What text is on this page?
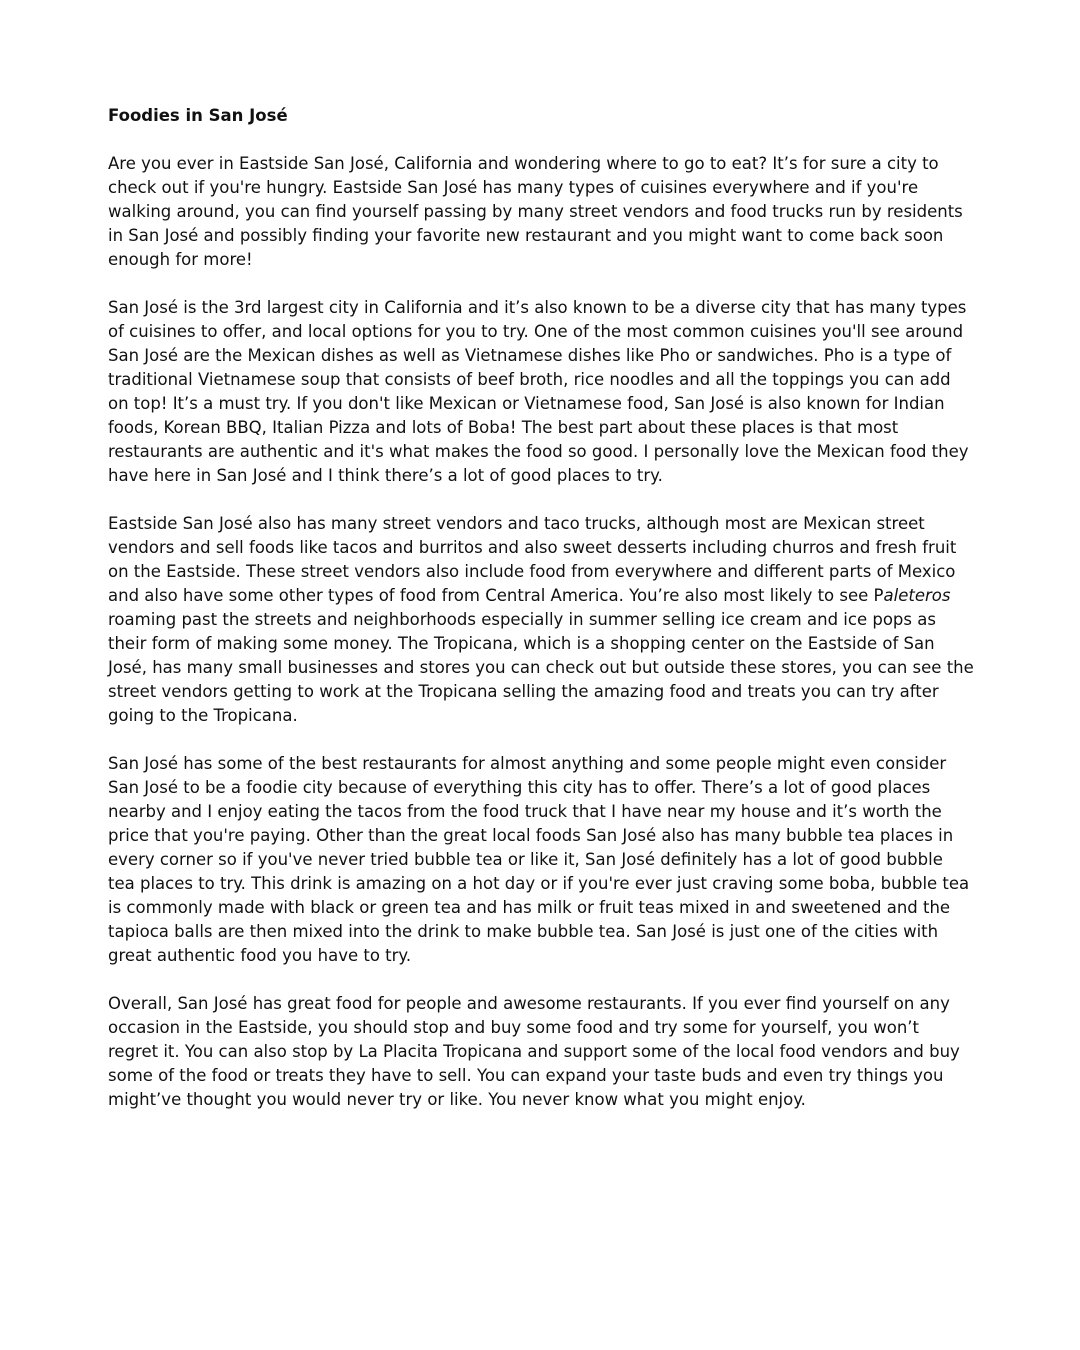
Foodies in San José

Are you ever in Eastside San José, California and wondering where to go to eat? It’s for sure a city to check out if you're hungry. Eastside San José has many types of cuisines everywhere and if you're walking around, you can find yourself passing by many street vendors and food trucks run by residents in San José and possibly finding your favorite new restaurant and you might want to come back soon enough for more!

San José is the 3rd largest city in California and it’s also known to be a diverse city that has many types of cuisines to offer, and local options for you to try. One of the most common cuisines you'll see around San José are the Mexican dishes as well as Vietnamese dishes like Pho or sandwiches. Pho is a type of traditional Vietnamese soup that consists of beef broth, rice noodles and all the toppings you can add on top! It’s a must try. If you don't like Mexican or Vietnamese food, San José is also known for Indian foods, Korean BBQ, Italian Pizza and lots of Boba! The best part about these places is that most restaurants are authentic and it's what makes the food so good. I personally love the Mexican food they have here in San José and I think there’s a lot of good places to try.

Eastside San José also has many street vendors and taco trucks, although most are Mexican street vendors and sell foods like tacos and burritos and also sweet desserts including churros and fresh fruit on the Eastside. These street vendors also include food from everywhere and different parts of Mexico and also have some other types of food from Central America. You’re also most likely to see Paleteros roaming past the streets and neighborhoods especially in summer selling ice cream and ice pops as their form of making some money. The Tropicana, which is a shopping center on the Eastside of San José, has many small businesses and stores you can check out but outside these stores, you can see the street vendors getting to work at the Tropicana selling the amazing food and treats you can try after going to the Tropicana.

San José has some of the best restaurants for almost anything and some people might even consider San José to be a foodie city because of everything this city has to offer. There’s a lot of good places nearby and I enjoy eating the tacos from the food truck that I have near my house and it’s worth the price that you're paying. Other than the great local foods San José also has many bubble tea places in every corner so if you've never tried bubble tea or like it, San José definitely has a lot of good bubble tea places to try. This drink is amazing on a hot day or if you're ever just craving some boba, bubble tea is commonly made with black or green tea and has milk or fruit teas mixed in and sweetened and the tapioca balls are then mixed into the drink to make bubble tea. San José is just one of the cities with great authentic food you have to try.

Overall, San José has great food for people and awesome restaurants. If you ever find yourself on any occasion in the Eastside, you should stop and buy some food and try some for yourself, you won’t regret it. You can also stop by La Placita Tropicana and support some of the local food vendors and buy some of the food or treats they have to sell. You can expand your taste buds and even try things you might’ve thought you would never try or like. You never know what you might enjoy.
